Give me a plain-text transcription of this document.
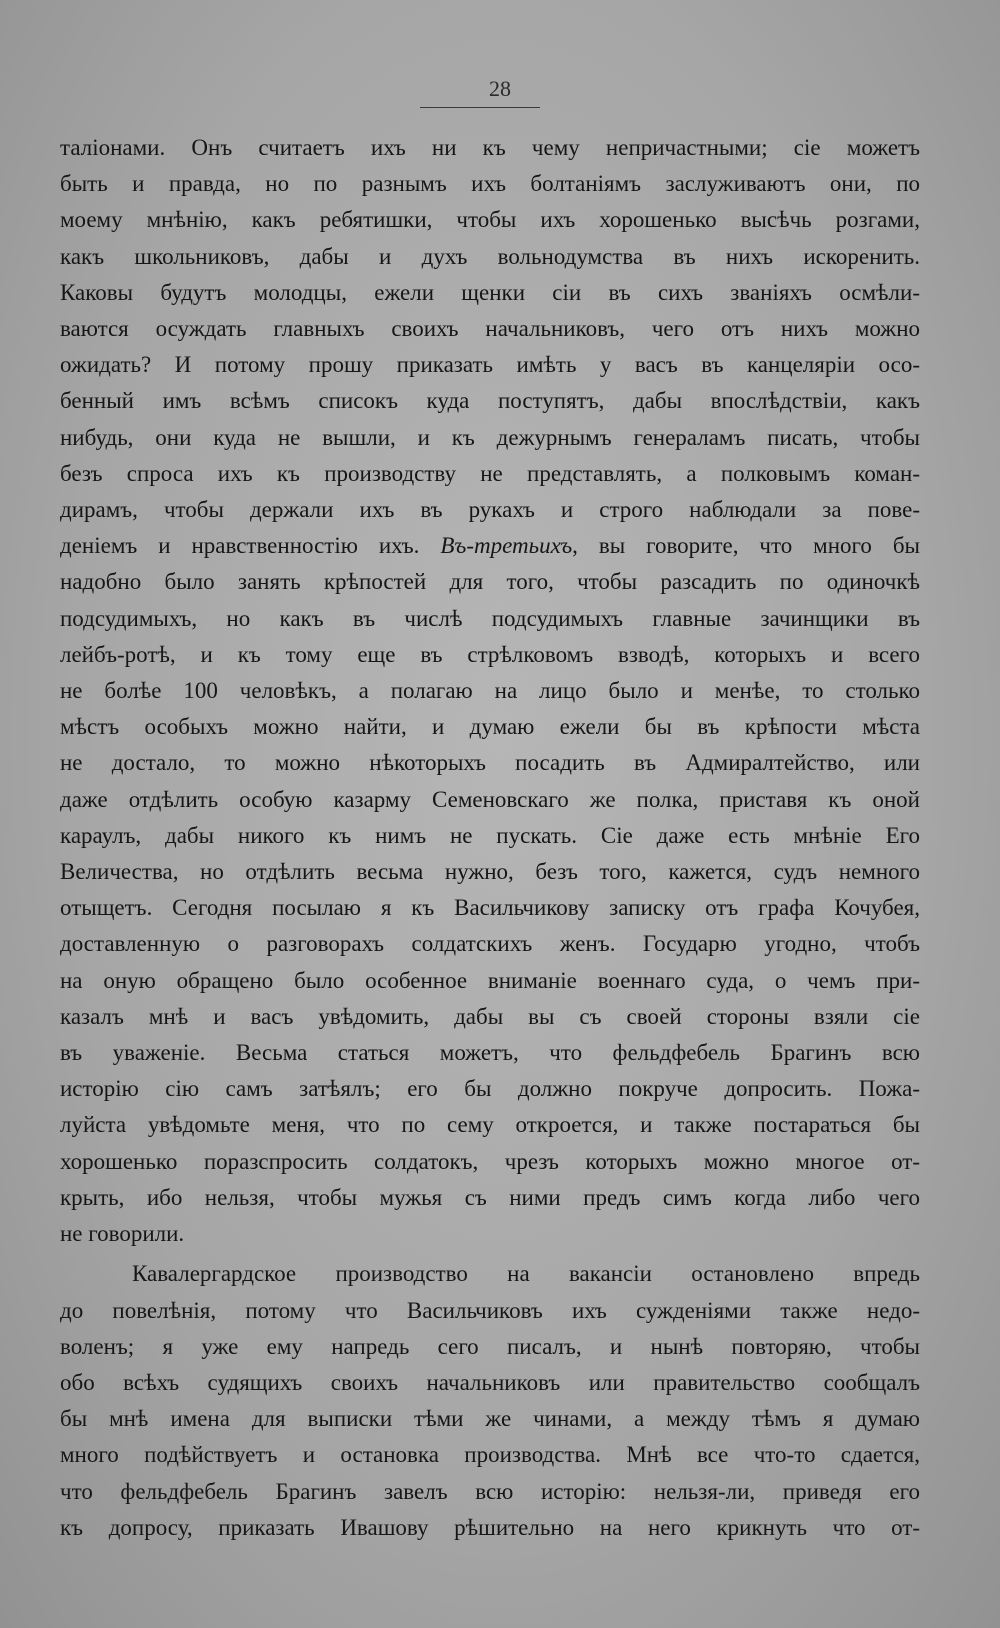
28
таліонами. Онъ считаетъ ихъ ни къ чему непричастными; сіе можетъ
быть и правда, но по разнымъ ихъ болтаніямъ заслуживаютъ они, по
моему мнѣнію, какъ ребятишки, чтобы ихъ хорошенько высѣчь розгами,
какъ школьниковъ, дабы и духъ вольнодумства въ нихъ искоренить.
Каковы будутъ молодцы, ежели щенки сіи въ сихъ званіяхъ осмѣли-
ваются осуждать главныхъ своихъ начальниковъ, чего отъ нихъ можно
ожидать? И потому прошу приказать имѣть у васъ въ канцеляріи осо-
бенный имъ всѣмъ списокъ куда поступятъ, дабы впослѣдствіи, какъ
нибудь, они куда не вышли, и къ дежурнымъ генераламъ писать, чтобы
безъ спроса ихъ къ производству не представлять, а полковымъ коман-
дирамъ, чтобы держали ихъ въ рукахъ и строго наблюдали за пове-
деніемъ и нравственностію ихъ. Въ-третьихъ, вы говорите, что много бы
надобно было занять крѣпостей для того, чтобы разсадить по одиночкѣ
подсудимыхъ, но какъ въ числѣ подсудимыхъ главные зачинщики въ
лейбъ-ротѣ, и къ тому еще въ стрѣлковомъ взводѣ, которыхъ и всего
не болѣе 100 человѣкъ, а полагаю на лицо было и менѣе, то столько
мѣстъ особыхъ можно найти, и думаю ежели бы въ крѣпости мѣста
не достало, то можно нѣкоторыхъ посадить въ Адмиралтейство, или
даже отдѣлить особую казарму Семеновскаго же полка, приставя къ оной
караулъ, дабы никого къ нимъ не пускать. Сіе даже есть мнѣніе Его
Величества, но отдѣлить весьма нужно, безъ того, кажется, судъ немного
отыщетъ. Сегодня посылаю я къ Васильчикову записку отъ графа Кочубея,
доставленную о разговорахъ солдатскихъ женъ. Государю угодно, чтобъ
на оную обращено было особенное вниманіе военнаго суда, о чемъ при-
казалъ мнѣ и васъ увѣдомить, дабы вы съ своей стороны взяли сіе
въ уваженіе. Весьма статься можетъ, что фельдфебель Брагинъ всю
исторію сію самъ затѣялъ; его бы должно покруче допросить. Пожа-
луйста увѣдомьте меня, что по сему откроется, и также постараться бы
хорошенько поразспросить солдатокъ, чрезъ которыхъ можно многое от-
крыть, ибо нельзя, чтобы мужья съ ними предъ симъ когда либо чего
не говорили.
Кавалергардское производство на вакансіи остановлено впредь
до повелѣнія, потому что Васильчиковъ ихъ сужденіями также недо-
воленъ; я уже ему напредь сего писалъ, и нынѣ повторяю, чтобы
обо всѣхъ судящихъ своихъ начальниковъ или правительство сообщалъ
бы мнѣ имена для выписки тѣми же чинами, а между тѣмъ я думаю
много подѣйствуетъ и остановка производства. Мнѣ все что-то сдается,
что фельдфебель Брагинъ завелъ всю исторію: нельзя-ли, приведя его
къ допросу, приказать Ивашову рѣшительно на него крикнуть что от-
